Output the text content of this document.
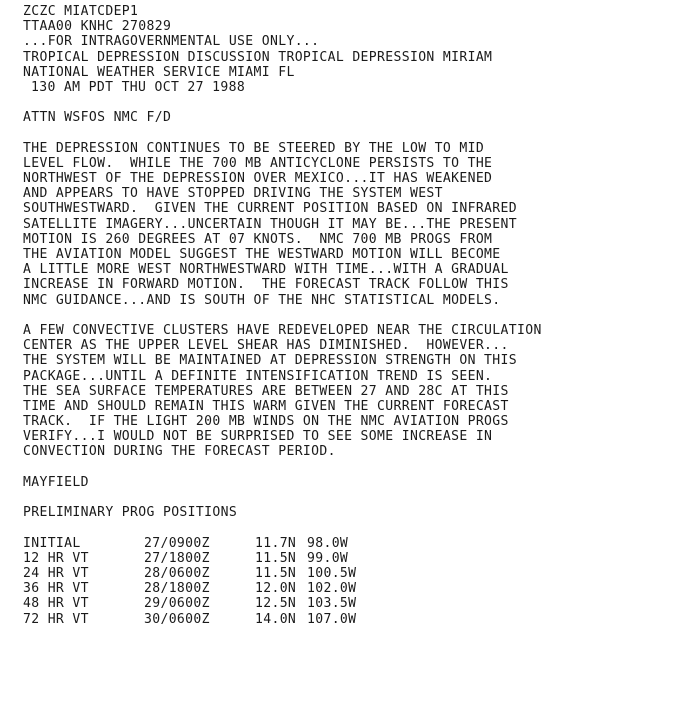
ZCZC MIATCDEP1
TTAA00 KNHC 270829
...FOR INTRAGOVERNMENTAL USE ONLY...
TROPICAL DEPRESSION DISCUSSION TROPICAL DEPRESSION MIRIAM
NATIONAL WEATHER SERVICE MIAMI FL
130 AM PDT THU OCT 27 1988
ATTN WSFOS NMC F/D
THE DEPRESSION CONTINUES TO BE STEERED BY THE LOW TO MID
LEVEL FLOW.  WHILE THE 700 MB ANTICYCLONE PERSISTS TO THE
NORTHWEST OF THE DEPRESSION OVER MEXICO...IT HAS WEAKENED
AND APPEARS TO HAVE STOPPED DRIVING THE SYSTEM WEST
SOUTHWESTWARD.  GIVEN THE CURRENT POSITION BASED ON INFRARED
SATELLITE IMAGERY...UNCERTAIN THOUGH IT MAY BE...THE PRESENT
MOTION IS 260 DEGREES AT 07 KNOTS.  NMC 700 MB PROGS FROM
THE AVIATION MODEL SUGGEST THE WESTWARD MOTION WILL BECOME
A LITTLE MORE WEST NORTHWESTWARD WITH TIME...WITH A GRADUAL
INCREASE IN FORWARD MOTION.  THE FORECAST TRACK FOLLOW THIS
NMC GUIDANCE...AND IS SOUTH OF THE NHC STATISTICAL MODELS.
A FEW CONVECTIVE CLUSTERS HAVE REDEVELOPED NEAR THE CIRCULATION
CENTER AS THE UPPER LEVEL SHEAR HAS DIMINISHED.  HOWEVER...
THE SYSTEM WILL BE MAINTAINED AT DEPRESSION STRENGTH ON THIS
PACKAGE...UNTIL A DEFINITE INTENSIFICATION TREND IS SEEN.
THE SEA SURFACE TEMPERATURES ARE BETWEEN 27 AND 28C AT THIS
TIME AND SHOULD REMAIN THIS WARM GIVEN THE CURRENT FORECAST
TRACK.  IF THE LIGHT 200 MB WINDS ON THE NMC AVIATION PROGS
VERIFY...I WOULD NOT BE SURPRISED TO SEE SOME INCREASE IN
CONVECTION DURING THE FORECAST PERIOD.
MAYFIELD
PRELIMINARY PROG POSITIONS
INITIAL	27/0900Z	11.7N	98.0W
12 HR VT	27/1800Z	11.5N	99.0W
24 HR VT	28/0600Z	11.5N	100.5W
36 HR VT	28/1800Z	12.0N	102.0W
48 HR VT	29/0600Z	12.5N	103.5W
72 HR VT	30/0600Z	14.0N	107.0W
